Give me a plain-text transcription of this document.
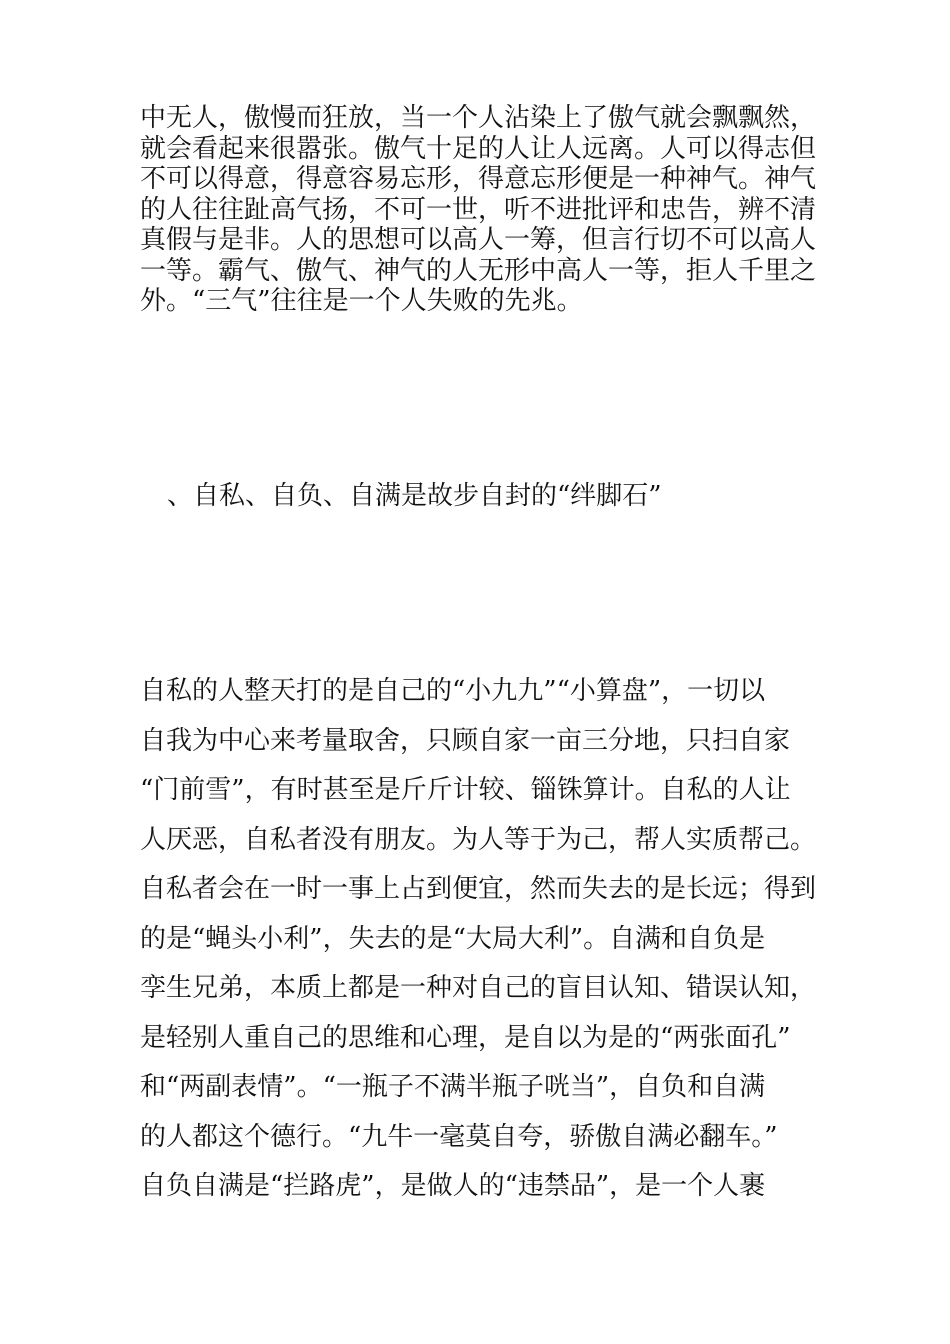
中无人，傲慢而狂放，当一个人沾染上了傲气就会飘飘然，
就会看起来很嚣张。傲气十足的人让人远离。人可以得志但
不可以得意，得意容易忘形，得意忘形便是一种神气。神气
的人往往趾高气扬，不可一世，听不进批评和忠告，辨不清
真假与是非。人的思想可以高人一筹，但言行切不可以高人
一等。霸气、傲气、神气的人无形中高人一等，拒人千里之
外。“三气”往往是一个人失败的先兆。

、自私、自负、自满是故步自封的“绊脚石”

自私的人整天打的是自己的“小九九”“小算盘”，一切以
自我为中心来考量取舍，只顾自家一亩三分地，只扫自家
“门前雪”，有时甚至是斤斤计较、锱铢算计。自私的人让
人厌恶，自私者没有朋友。为人等于为己，帮人实质帮己。
自私者会在一时一事上占到便宜，然而失去的是长远；得到
的是“蝇头小利”，失去的是“大局大利”。自满和自负是
孪生兄弟，本质上都是一种对自己的盲目认知、错误认知，
是轻别人重自己的思维和心理，是自以为是的“两张面孔”
和“两副表情”。“一瓶子不满半瓶子咣当”，自负和自满
的人都这个德行。“九牛一毫莫自夸，骄傲自满必翻车。”
自负自满是“拦路虎”，是做人的“违禁品”，是一个人裹
